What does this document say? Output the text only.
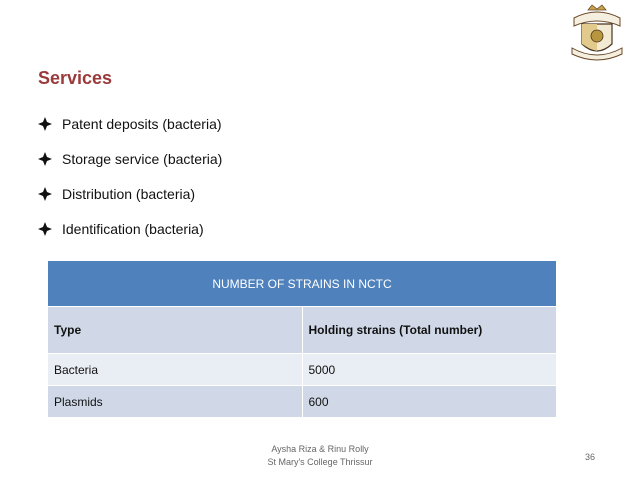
Services
Patent deposits (bacteria)
Storage service (bacteria)
Distribution (bacteria)
Identification (bacteria)
NUMBER OF STRAINS IN NCTC	
Type	Holding strains (Total number)
Bacteria	5000
Plasmids	600
Aysha Riza & Rinu Rolly
St Mary's College Thrissur	36
